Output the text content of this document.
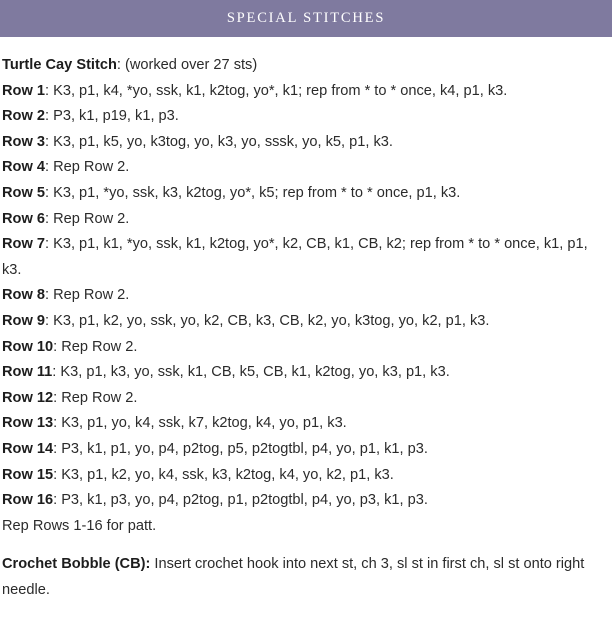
SPECIAL STITCHES

Turtle Cay Stitch: (worked over 27 sts)

Row 1: K3, p1, k4, *yo, ssk, k1, k2tog, yo*, k1; rep from * to * once, k4, p1, k3.

Row 2: P3, k1, p19, k1, p3.

Row 3: K3, p1, k5, yo, k3tog, yo, k3, yo, sssk, yo, k5, p1, k3.

Row 4: Rep Row 2.

Row 5: K3, p1, *yo, ssk, k3, k2tog, yo*, k5; rep from * to * once, p1, k3.

Row 6: Rep Row 2.

Row 7: K3, p1, k1, *yo, ssk, k1, k2tog, yo*, k2, CB, k1, CB, k2; rep from * to * once, k1, p1, k3.

Row 8: Rep Row 2.

Row 9: K3, p1, k2, yo, ssk, yo, k2, CB, k3, CB, k2, yo, k3tog, yo, k2, p1, k3.

Row 10: Rep Row 2.

Row 11: K3, p1, k3, yo, ssk, k1, CB, k5, CB, k1, k2tog, yo, k3, p1, k3.

Row 12: Rep Row 2.

Row 13: K3, p1, yo, k4, ssk, k7, k2tog, k4, yo, p1, k3.

Row 14: P3, k1, p1, yo, p4, p2tog, p5, p2togtbl, p4, yo, p1, k1, p3.

Row 15: K3, p1, k2, yo, k4, ssk, k3, k2tog, k4, yo, k2, p1, k3.

Row 16: P3, k1, p3, yo, p4, p2tog, p1, p2togtbl, p4, yo, p3, k1, p3.

Rep Rows 1-16 for patt.

Crochet Bobble (CB): Insert crochet hook into next st, ch 3, sl st in first ch, sl st onto right needle.
